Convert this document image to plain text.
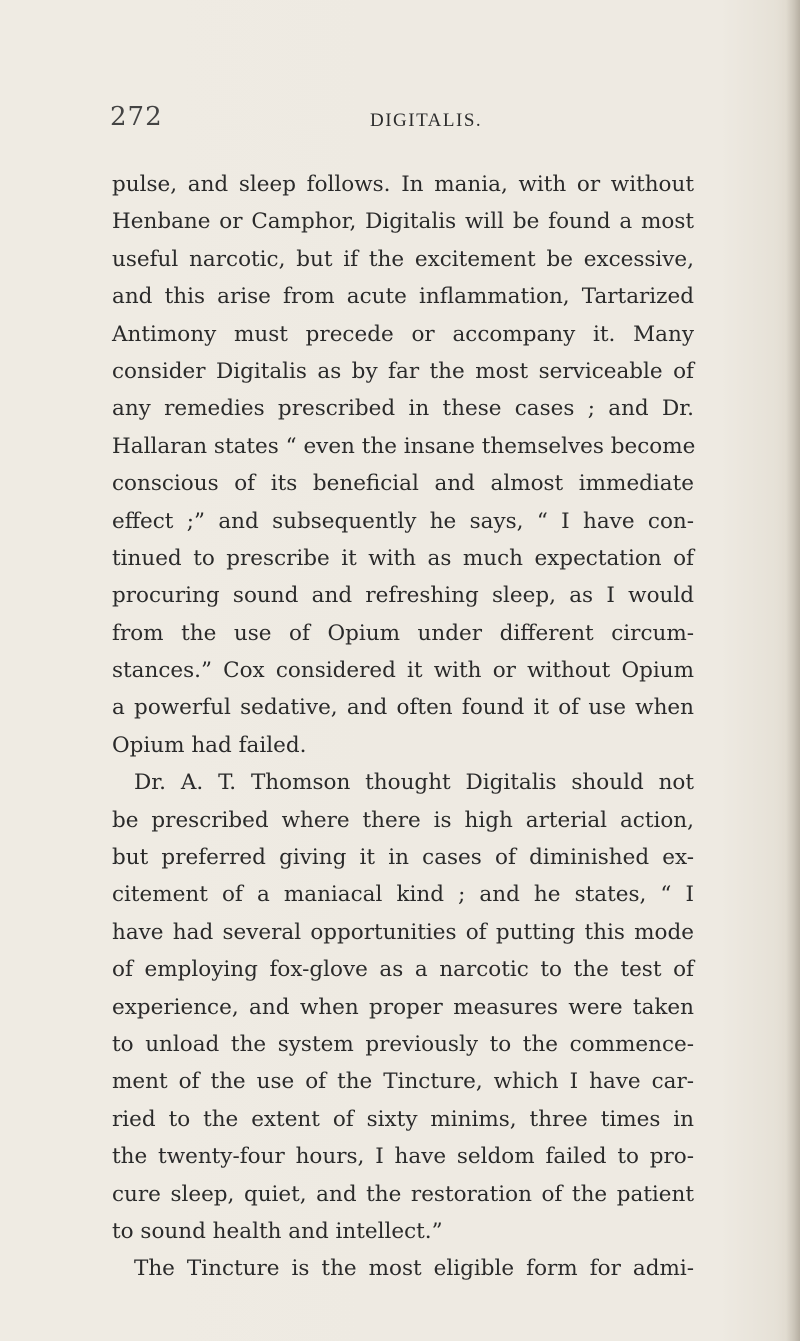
272	DIGITALIS.
pulse, and sleep follows. In mania, with or without
Henbane or Camphor, Digitalis will be found a most
useful narcotic, but if the excitement be excessive,
and this arise from acute inflammation, Tartarized
Antimony must precede or accompany it. Many
consider Digitalis as by far the most serviceable of
any remedies prescribed in these cases ; and Dr.
Hallaran states “ even the insane themselves become
conscious of its beneficial and almost immediate
effect ;” and subsequently he says, “ I have con-
tinued to prescribe it with as much expectation of
procuring sound and refreshing sleep, as I would
from the use of Opium under different circum-
stances.” Cox considered it with or without Opium
a powerful sedative, and often found it of use when
Opium had failed.
Dr. A. T. Thomson thought Digitalis should not
be prescribed where there is high arterial action,
but preferred giving it in cases of diminished ex-
citement of a maniacal kind ; and he states, “ I
have had several opportunities of putting this mode
of employing fox-glove as a narcotic to the test of
experience, and when proper measures were taken
to unload the system previously to the commence-
ment of the use of the Tincture, which I have car-
ried to the extent of sixty minims, three times in
the twenty-four hours, I have seldom failed to pro-
cure sleep, quiet, and the restoration of the patient
to sound health and intellect.”
The Tincture is the most eligible form for admi-
